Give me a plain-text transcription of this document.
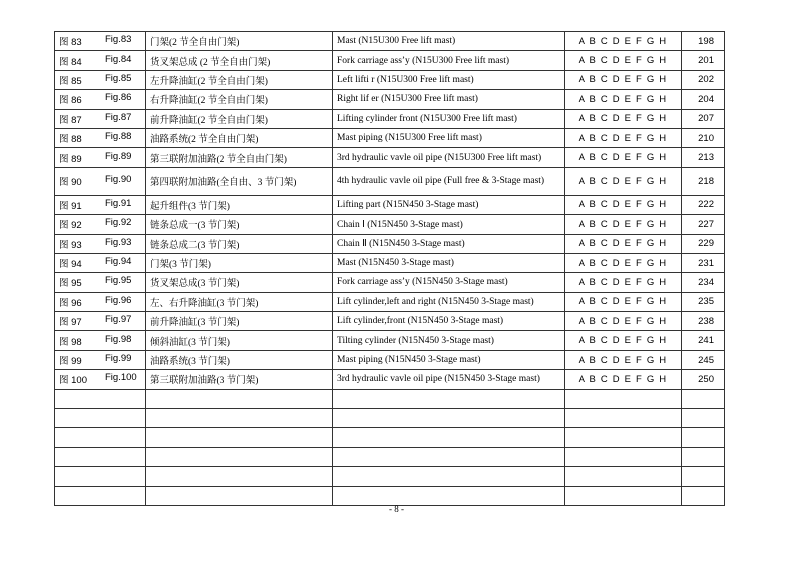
图 83 Fig.83	门架(2 节全自由门架)	Mast (N15U300 Free lift mast)	A B C D E F G H	198

图 84 Fig.84	货叉架总成 (2 节全自由门架)	Fork carriage ass’y (N15U300 Free lift mast)	A B C D E F G H	201

图 85 Fig.85	左升降油缸(2 节全自由门架)	Left lifti r (N15U300 Free lift mast)	A B C D E F G H	202

图 86 Fig.86	右升降油缸(2 节全自由门架)	Right lif er (N15U300 Free lift mast)	A B C D E F G H	204

图 87 Fig.87	前升降油缸(2 节全自由门架)	Lifting cylinder front (N15U300 Free lift mast)	A B C D E F G H	207

图 88 Fig.88	油路系统(2 节全自由门架)	Mast piping (N15U300 Free lift mast)	A B C D E F G H	210

图 89 Fig.89	第三联附加油路(2 节全自由门架)	3rd hydraulic vavle oil pipe (N15U300 Free lift mast)	A B C D E F G H	213

图 90 Fig.90	第四联附加油路(全自由、3 节门架)	4th hydraulic vavle oil pipe (Full free & 3-Stage mast)	A B C D E F G H	218

图 91 Fig.91	起升组件(3 节门架)	Lifting part (N15N450 3-Stage mast)	A B C D E F G H	222

图 92 Fig.92	链条总成一(3 节门架)	Chain Ⅰ (N15N450 3-Stage mast)	A B C D E F G H	227

图 93 Fig.93	链条总成二(3 节门架)	Chain Ⅱ (N15N450 3-Stage mast)	A B C D E F G H	229

图 94 Fig.94	门架(3 节门架)	Mast (N15N450 3-Stage mast)	A B C D E F G H	231

图 95 Fig.95	货叉架总成(3 节门架)	Fork carriage ass’y (N15N450 3-Stage mast)	A B C D E F G H	234

图 96 Fig.96	左、右升降油缸(3 节门架)	Lift cylinder,left and right (N15N450 3-Stage mast)	A B C D E F G H	235

图 97 Fig.97	前升降油缸(3 节门架)	Lift cylinder,front (N15N450 3-Stage mast)	A B C D E F G H	238

图 98 Fig.98	倾斜油缸(3 节门架)	Tilting cylinder (N15N450 3-Stage mast)	A B C D E F G H	241

图 99 Fig.99	油路系统(3 节门架)	Mast piping (N15N450 3-Stage mast)	A B C D E F G H	245

图 100 Fig.100	第三联附加油路(3 节门架)	3rd hydraulic vavle oil pipe (N15N450 3-Stage mast)	A B C D E F G H	250

- 8 -
